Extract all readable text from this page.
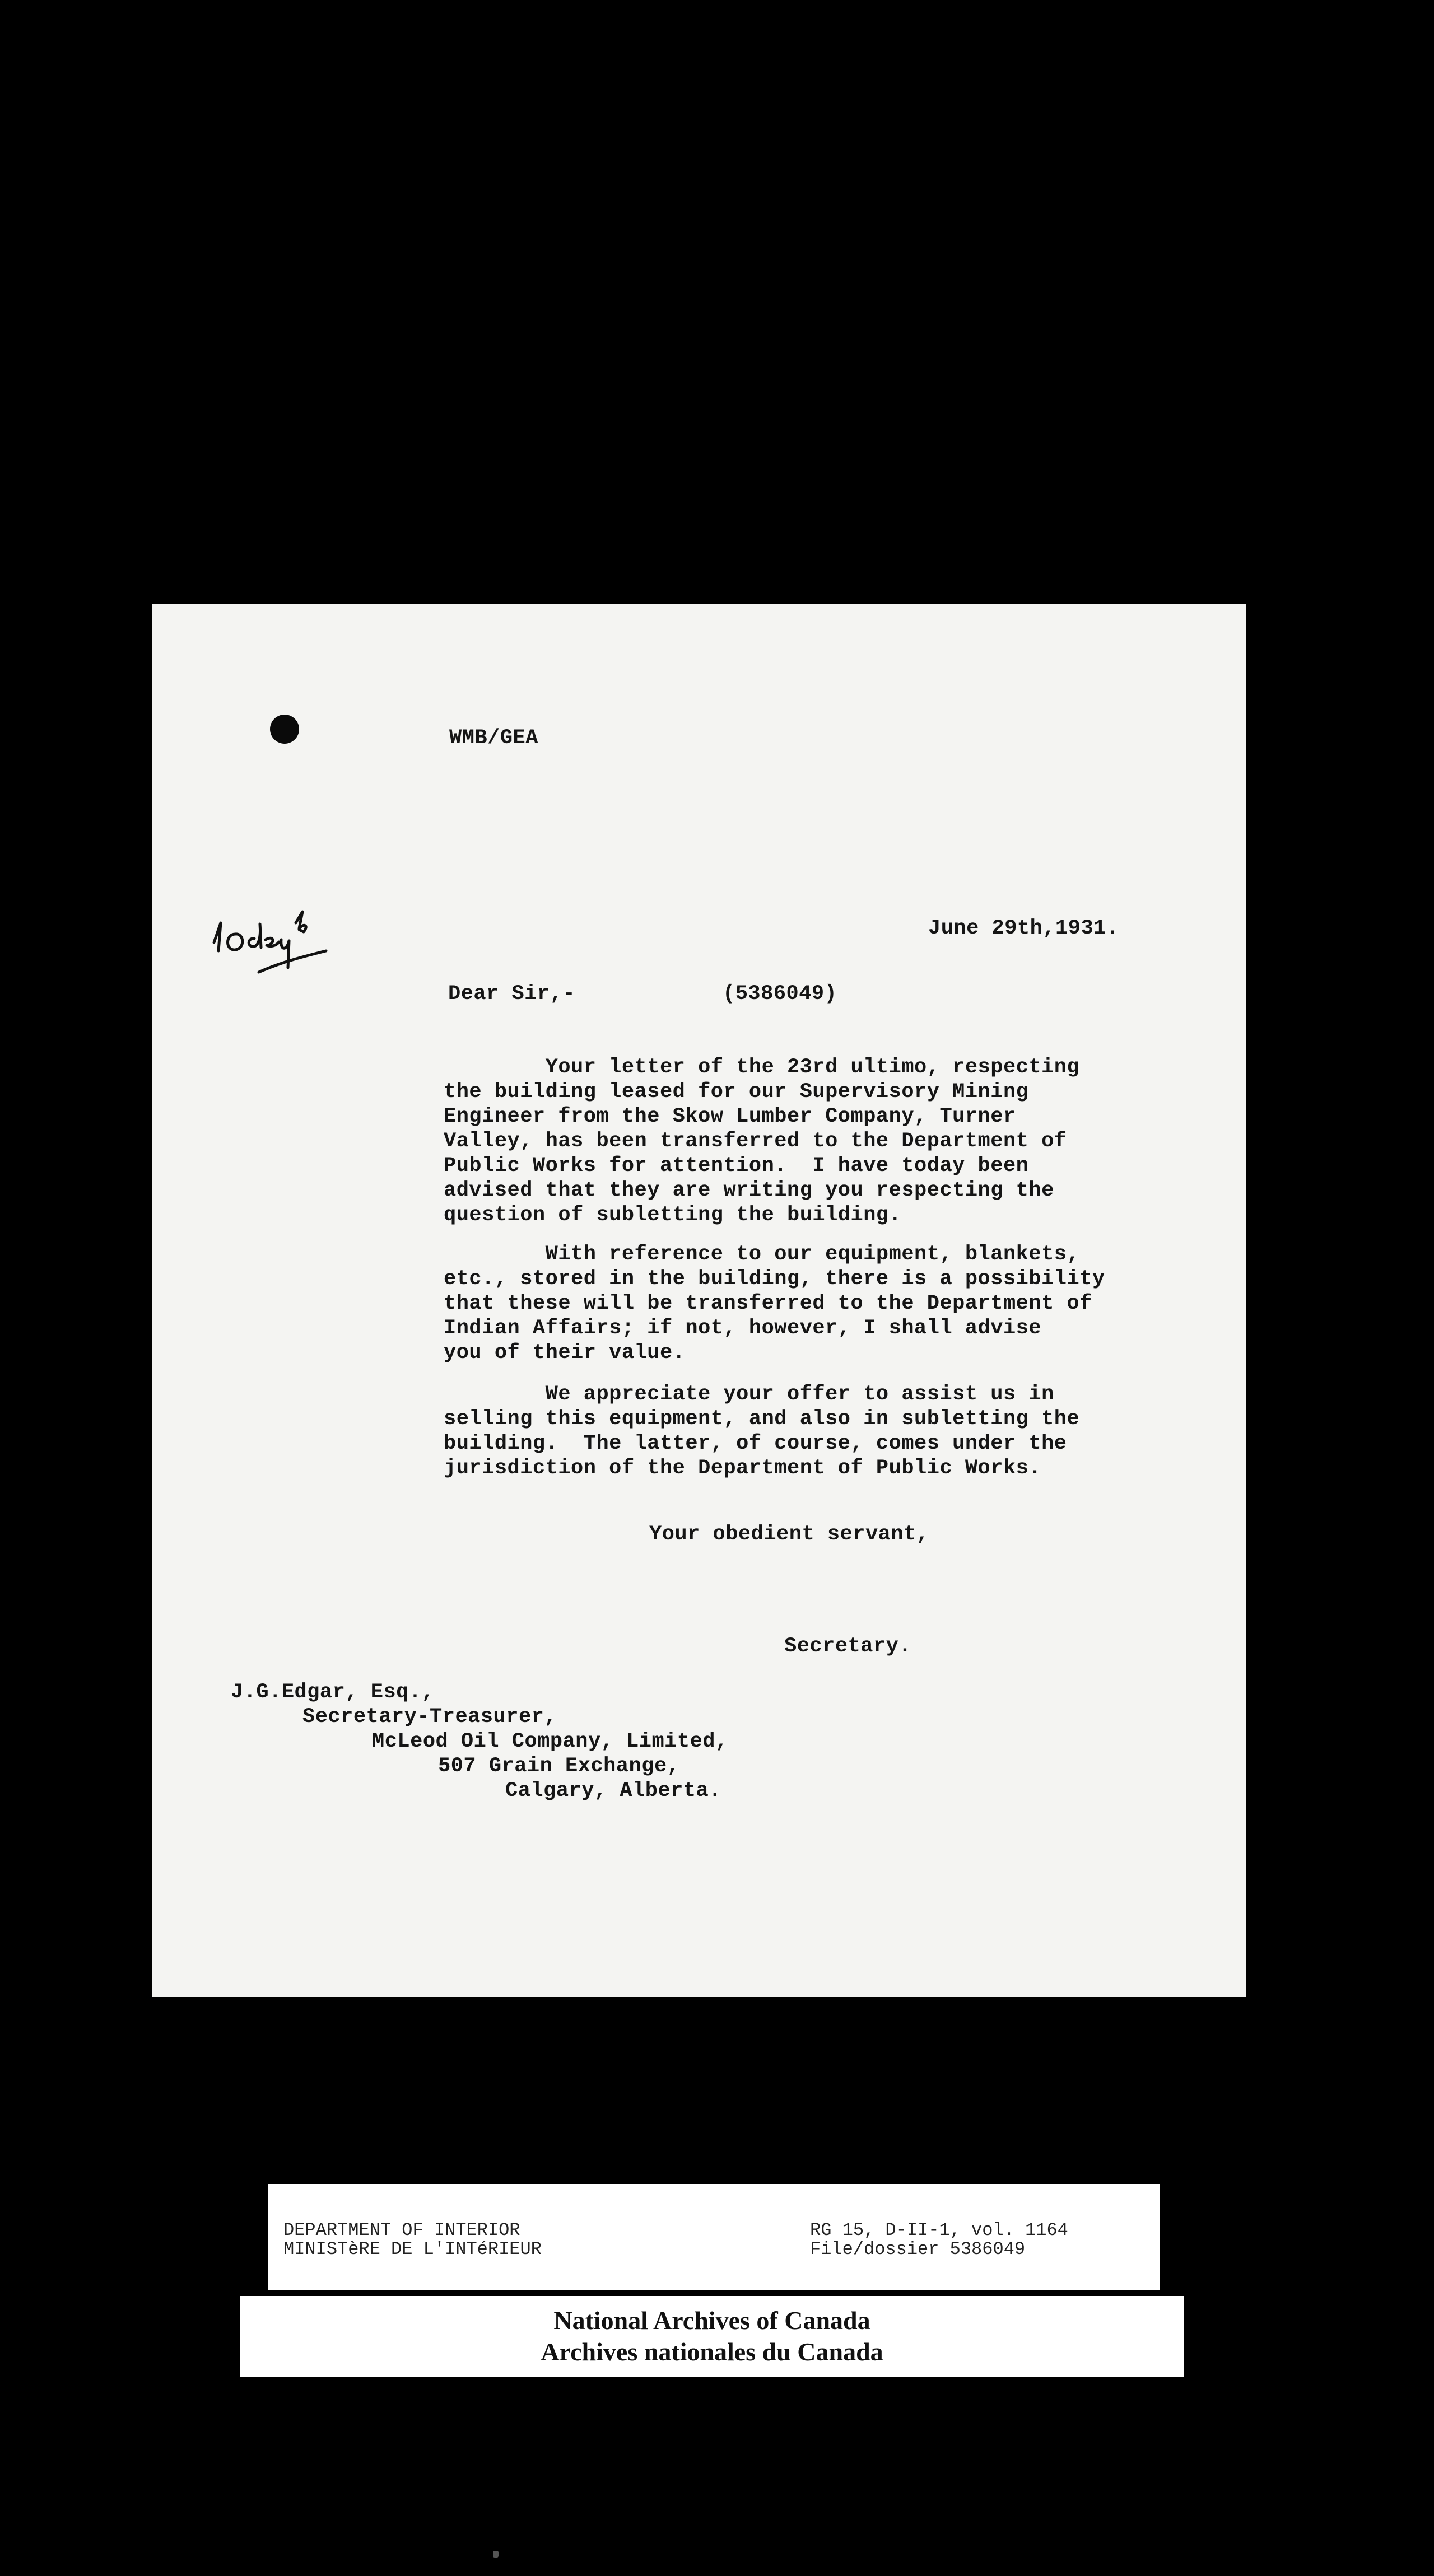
WMB/GEA
June 29th,1931.
Dear Sir,-	(5386049)
Your letter of the 23rd ultimo, respecting
the building leased for our Supervisory Mining
Engineer from the Skow Lumber Company, Turner
Valley, has been transferred to the Department of
Public Works for attention.  I have today been
advised that they are writing you respecting the
question of subletting the building.
With reference to our equipment, blankets,
etc., stored in the building, there is a possibility
that these will be transferred to the Department of
Indian Affairs; if not, however, I shall advise
you of their value.
We appreciate your offer to assist us in
selling this equipment, and also in subletting the
building.  The latter, of course, comes under the
jurisdiction of the Department of Public Works.
Your obedient servant,
Secretary.
J.G.Edgar, Esq.,
Secretary-Treasurer,
McLeod Oil Company, Limited,
507 Grain Exchange,
Calgary, Alberta.
DEPARTMENT OF INTERIOR
MINISTèRE DE L'INTéRIEUR
RG 15, D-II-1, vol. 1164
File/dossier 5386049
National Archives of Canada
Archives nationales du Canada
